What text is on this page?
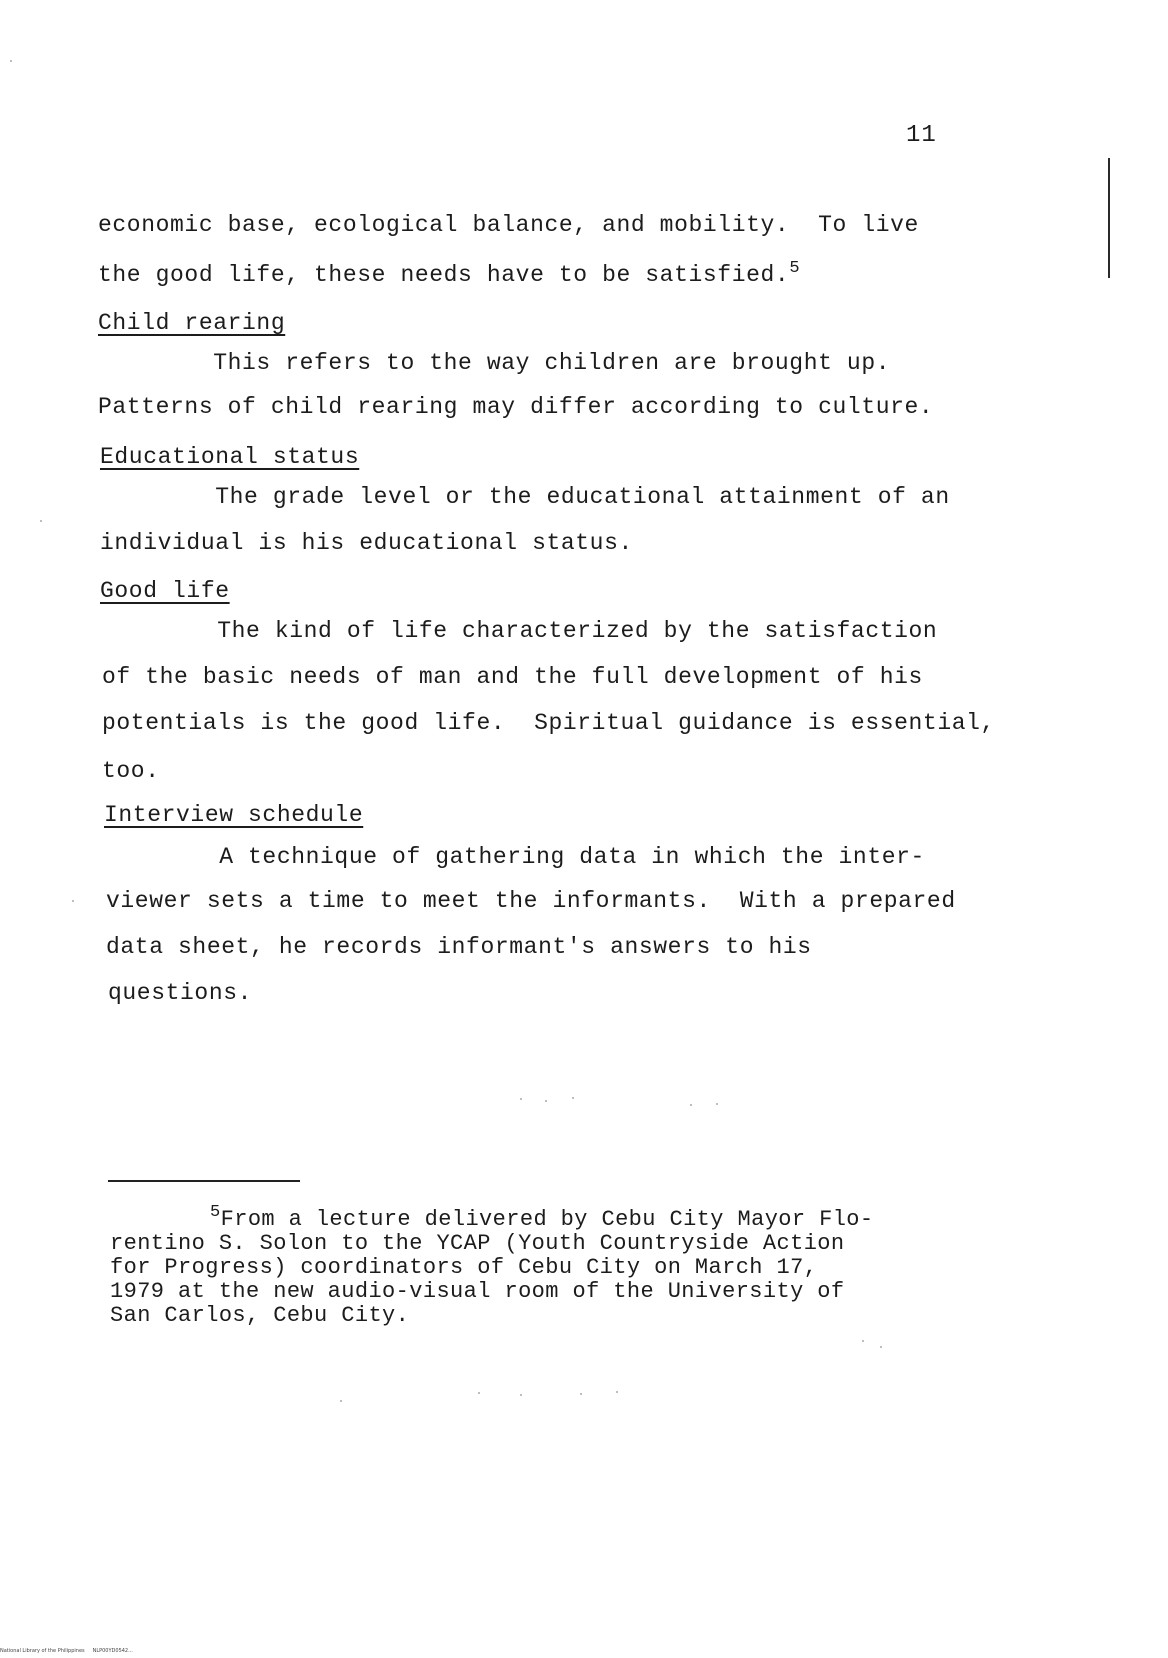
11
economic base, ecological balance, and mobility.  To live
the good life, these needs have to be satisfied.$^5$
Child rearing
This refers to the way children are brought up.
Patterns of child rearing may differ according to culture.
Educational status
The grade level or the educational attainment of an
individual is his educational status.
Good life
The kind of life characterized by the satisfaction
of the basic needs of man and the full development of his
potentials is the good life.  Spiritual guidance is essential,
too.
Interview schedule
A technique of gathering data in which the inter-
viewer sets a time to meet the informants.  With a prepared
data sheet, he records informant's answers to his
questions.
$^5$From a lecture delivered by Cebu City Mayor Flo-
rentino S. Solon to the YCAP (Youth Countryside Action
for Progress) coordinators of Cebu City on March 17,
1979 at the new audio-visual room of the University of
San Carlos, Cebu City.
National Library of the Philippines     NLP00YD0542...
